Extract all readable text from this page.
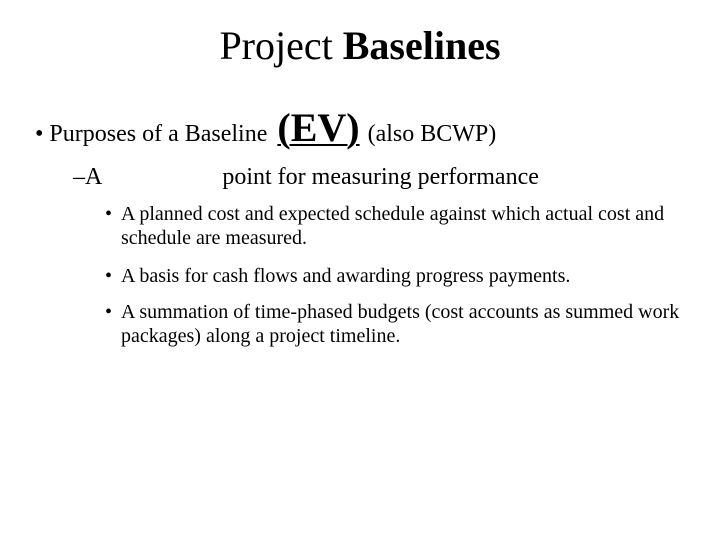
Project Baselines
• Purposes of a Baseline (EV) (also BCWP)
–A	point for measuring performance
• A planned cost and expected schedule against which actual cost and schedule are measured.
• A basis for cash flows and awarding progress payments.
• A summation of time-phased budgets (cost accounts as summed work packages) along a project timeline.
